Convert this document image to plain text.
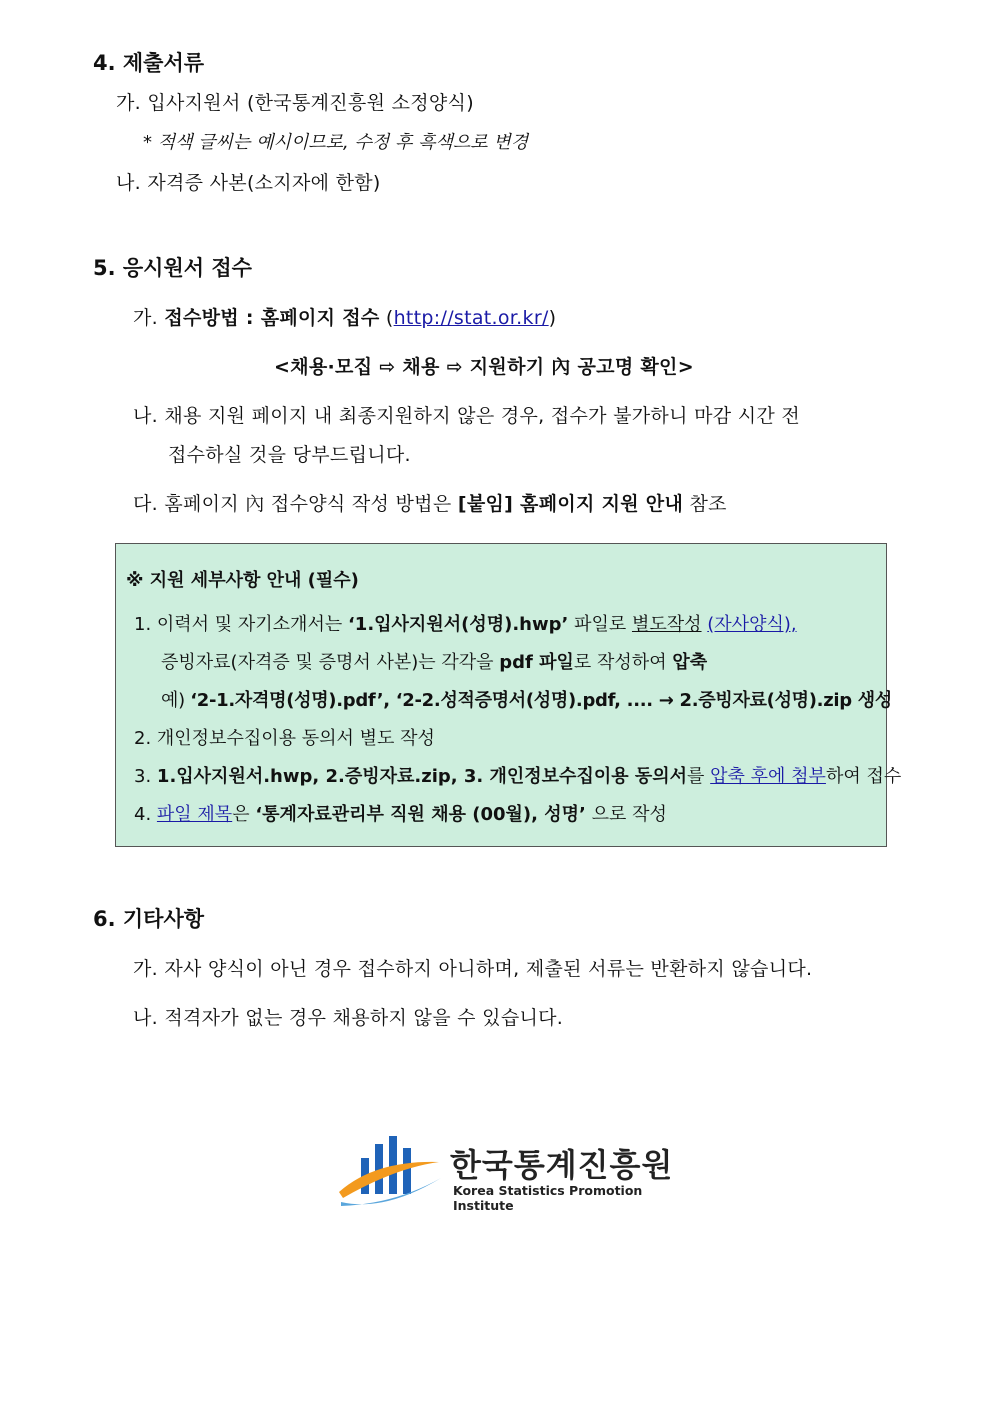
4. 제출서류
가. 입사지원서 (한국통계진흥원 소정양식)
* 적색 글씨는 예시이므로, 수정 후 흑색으로 변경
나. 자격증 사본(소지자에 한함)
5. 응시원서 접수
가. 접수방법 : 홈페이지 접수 (http://stat.or.kr/)
<채용·모집 ⇨ 채용 ⇨ 지원하기 內 공고명 확인>
나. 채용 지원 페이지 내 최종지원하지 않은 경우, 접수가 불가하니 마감 시간 전
접수하실 것을 당부드립니다.
다. 홈페이지 內 접수양식 작성 방법은 [붙임] 홈페이지 지원 안내 참조
※ 지원 세부사항 안내 (필수)
1. 이력서 및 자기소개서는 ‘1.입사지원서(성명).hwp’ 파일로 별도작성 (자사양식),
증빙자료(자격증 및 증명서 사본)는 각각을 pdf 파일로 작성하여 압축
예) ‘2-1.자격명(성명).pdf’, ‘2-2.성적증명서(성명).pdf, .... → 2.증빙자료(성명).zip 생성
2. 개인정보수집이용 동의서 별도 작성
3. 1.입사지원서.hwp, 2.증빙자료.zip, 3. 개인정보수집이용 동의서를 압축 후에 첨부하여 접수
4. 파일 제목은 ‘통계자료관리부 직원 채용 (00월), 성명’ 으로 작성
6. 기타사항
가. 자사 양식이 아닌 경우 접수하지 아니하며, 제출된 서류는 반환하지 않습니다.
나. 적격자가 없는 경우 채용하지 않을 수 있습니다.
한국통계진흥원
Korea Statistics Promotion Institute
